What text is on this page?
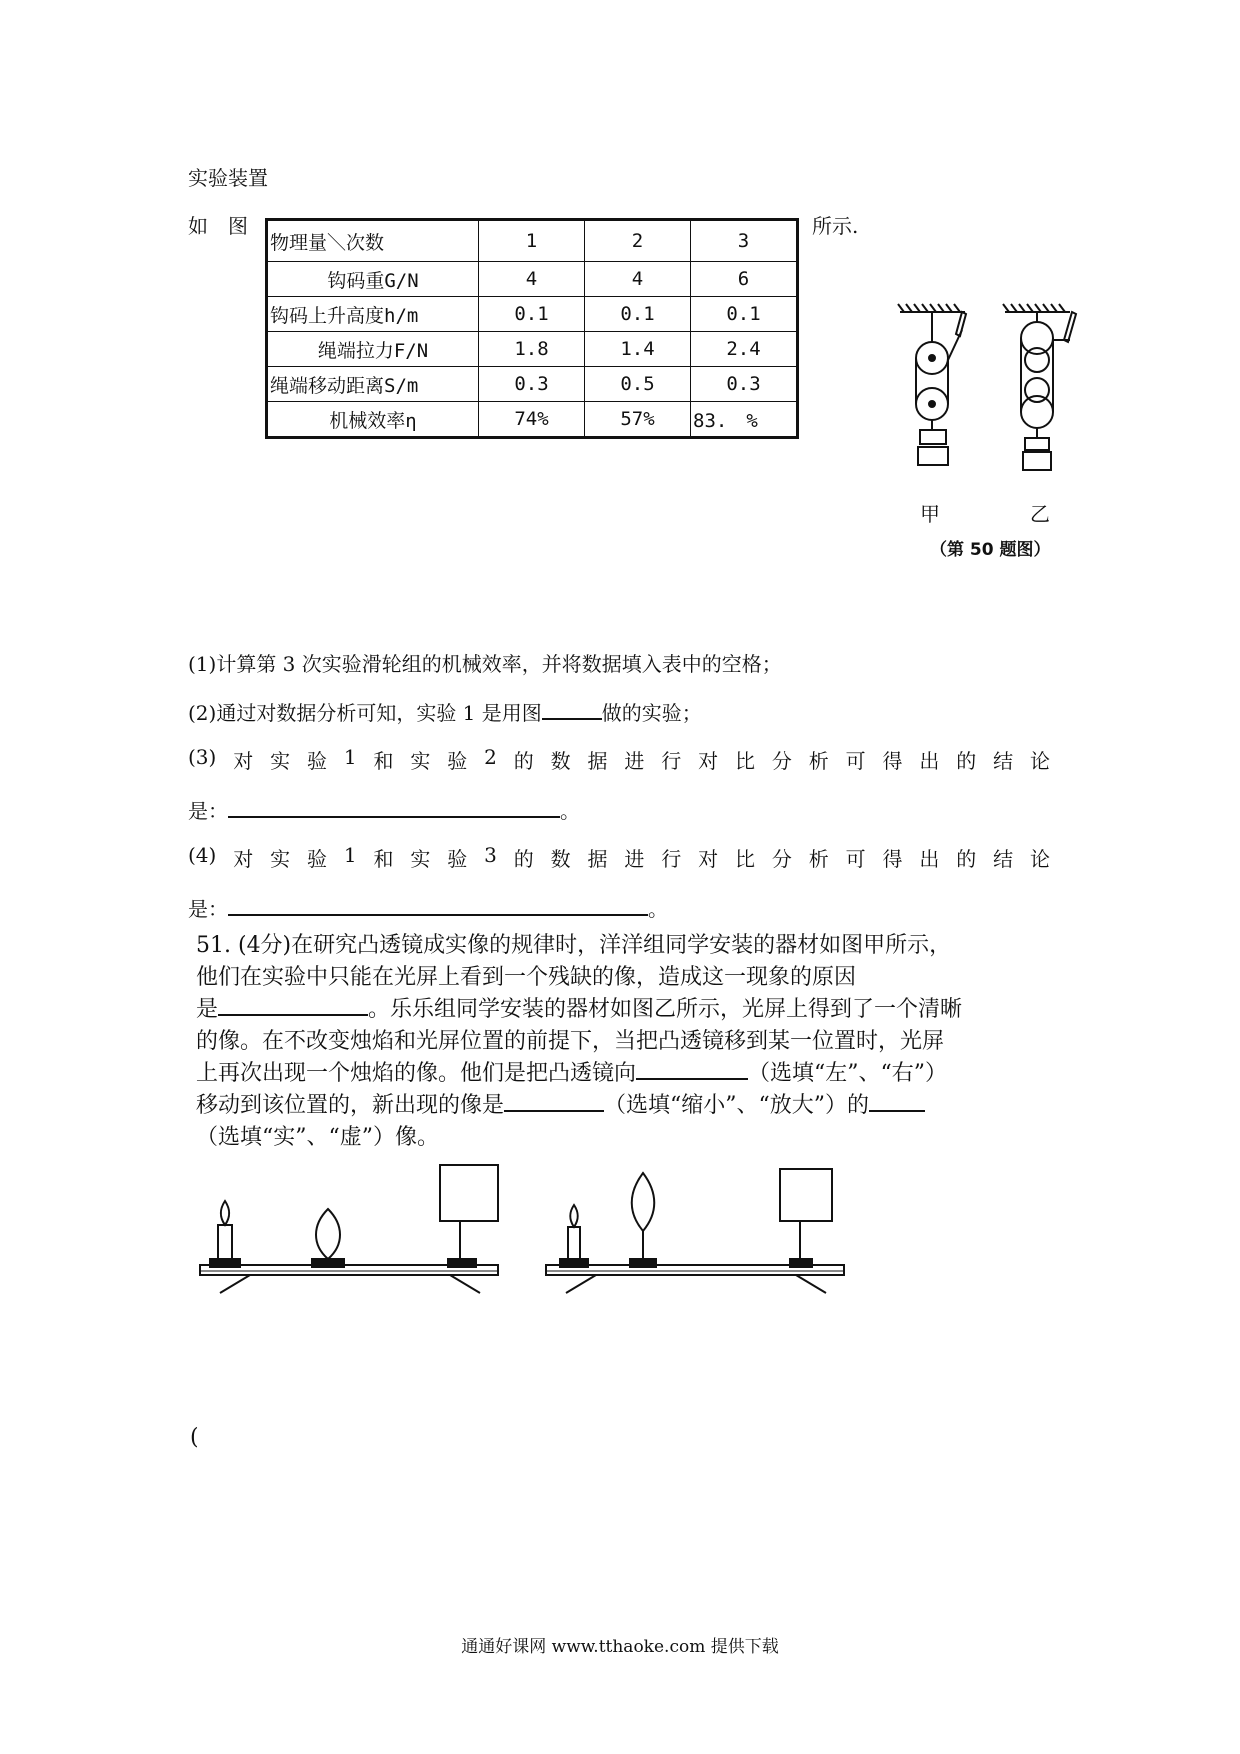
实验装置
如　图	所示.
物理量＼次数	1	2	3
钩码重G/N	4	4	6
钩码上升高度h/m	0.1	0.1	0.1
绳端拉力F/N	1.8	1.4	2.4
绳端移动距离S/m	0.3	0.5	0.3
机械效率η	74%	57%	83.　%
甲	乙
（第 50 题图）
(1)计算第 3 次实验滑轮组的机械效率，并将数据填入表中的空格；
(2)通过对数据分析可知，实验 1 是用图	做的实验；
(3) 对 实 验 1 和 实 验 2 的 数 据 进 行 对 比 分 析 可 得 出 的 结 论
是：	。
(4) 对 实 验 1 和 实 验 3 的 数 据 进 行 对 比 分 析 可 得 出 的 结 论
是：	。
51. (4分)在研究凸透镜成实像的规律时，洋洋组同学安装的器材如图甲所示，
他们在实验中只能在光屏上看到一个残缺的像，造成这一现象的原因
是	。乐乐组同学安装的器材如图乙所示，光屏上得到了一个清晰
的像。在不改变烛焰和光屏位置的前提下，当把凸透镜移到某一位置时，光屏
上再次出现一个烛焰的像。他们是把凸透镜向	（选填“左”、“右”）
移动到该位置的，新出现的像是	（选填“缩小”、“放大”）的
（选填“实”、“虚”）像。
(
通通好课网 www.tthaoke.com 提供下载
